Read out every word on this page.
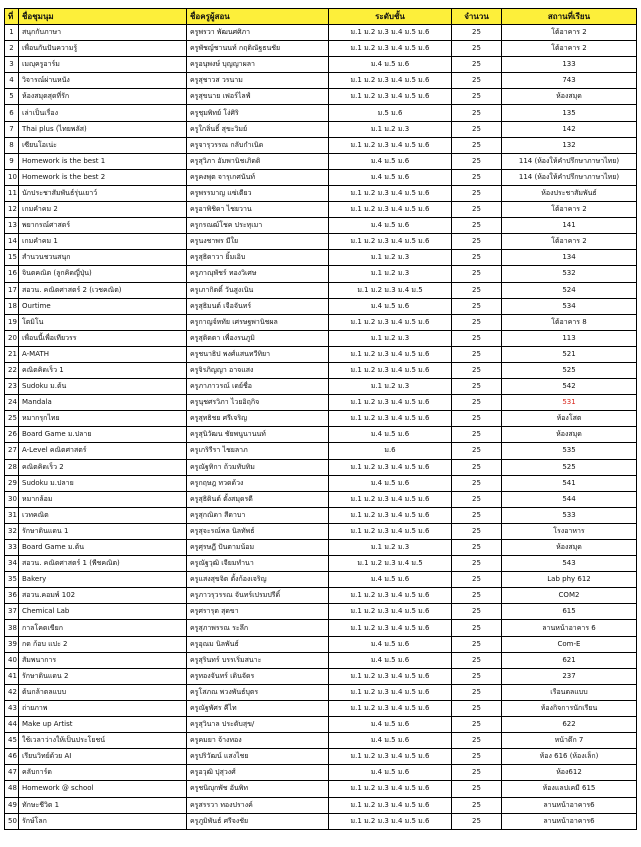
ที่	ชื่อชุมนุม	ชื่อครูผู้สอน	ระดับชั้น	จำนวน	สถานที่เรียน
1	สนุกกับภาษา	ครูพรวา พัฒนศศิภา	ม.1 ม.2 ม.3 ม.4 ม.5 ม.6	25	โต้อาคาร 2
2	เพื่อนกันปันความรู้	ครูพัชญ์ชานนท์ กฤติณัฐธนชัย	ม.1 ม.2 ม.3 ม.4 ม.5 ม.6	25	โต้อาคาร 2
3	เมญุครูอาร์ม	ครูอนุพงษ์ บุญญาผลา	ม.4 ม.5 ม.6	25	133
4	วิจารณ์ผ่านหนัง	ครูสุชาวส วรนาม	ม.1 ม.2 ม.3 ม.4 ม.5 ม.6	25	743
5	ห้องสมุดสุดที่รัก	ครูสุขนาย เฟอร์ไลฟ์	ม.1 ม.2 ม.3 ม.4 ม.5 ม.6	25	ห้องสมุด
6	เล่าเป็นเรื่อง	ครูชุมพิทย์ โง่ศิริ	ม.5 ม.6	25	135
7	Thai plus (ไทยพลัส)	ครูใกลิ่นธิ์ สุขะวิมย์	ม.1 ม.2 ม.3	25	142
8	เซียนโอเน่ะ	ครูจารุวรรณ กลับกำเนิด	ม.1 ม.2 ม.3 ม.4 ม.5 ม.6	25	132
9	Homework is the best 1	ครูสุวิภา อัมพานิชเภิดดิ	ม.4 ม.5 ม.6	25	114 (ห้องให้คำปรึกษาภาษาไทย)
10	Homework is the best 2	ครูคงพุต จารุเกศนันท์	ม.4 ม.5 ม.6	25	114 (ห้องให้คำปรึกษาภาษาไทย)
11	นักประชาสัมพันธ์รุ่นเยาว์	ครูพรรมาญ แซ่เตียว	ม.1 ม.2 ม.3 ม.4 ม.5 ม.6	25	ห้องประชาสัมพันธ์
12	เกมคำคม 2	ครูอาพิชิดา ไชยวาน	ม.1 ม.2 ม.3 ม.4 ม.5 ม.6	25	โต้อาคาร 2
13	พยากรณ์ศาสตร์	ครูกรณฒ์โชค ประทุเมา	ม.4 ม.5 ม.6	25	141
14	เกมคำคม 1	ครูนงชาพร มีใย	ม.1 ม.2 ม.3 ม.4 ม.5 ม.6	25	โต้อาคาร 2
15	สำนวนชวนสนุก	ครูสุธิดาวา ยิ้มเอิบ	ม.1 ม.2 ม.3	25	134
16	จินตคณิต (ลูกคิดญี่ปุ่น)	ครูภาณุพัชร์ ทองวิเศษ	ม.1 ม.2 ม.3	25	532
17	สอวน. คณิตศาสตร์ 2 (เวชคณิต)	ครูเภากิตติ์ วันสูงเนิน	ม.1 ม.2 ม.3 ม.4 ม.5	25	524
18	Ourtime	ครูสุธิมนต์ เจือจันทร์	ม.4 ม.5 ม.6	25	534
19	โตมิโน	ครูกาญจ์หทัย เศรษฐพานิชผล	ม.1 ม.2 ม.3 ม.4 ม.5 ม.6	25	โต้อาคาร 8
20	เพื่อนนี้เพื่อเทียวรร	ครูสุติดตา เพื่องรนภูมิ	ม.1 ม.2 ม.3	25	113
21	A-MATH	ครูชนาธิป พงศ์แสนทวีทิยา	ม.1 ม.2 ม.3 ม.4 ม.5 ม.6	25	521
22	คณิตคิดเร็ว 1	ครูจิรภิญญา อาจแสง	ม.1 ม.2 ม.3 ม.4 ม.5 ม.6	25	525
23	Sudoku ม.ต้น	ครูภาภาวรณ์ เดย์ชื่อ	ม.1 ม.2 ม.3	25	542
24	Mandala	ครูนุชศรวิภา ไวยอิฤกิจ	ม.1 ม.2 ม.3 ม.4 ม.5 ม.6	25	531
25	หมากรุกไทย	ครูสุทธิชย ศรีเจริญ	ม.1 ม.2 ม.3 ม.4 ม.5 ม.6	25	ห้องโสต
26	Board Game ม.ปลาย	ครูสุนิวัฒน ชัยพนูนานนท์	ม.4 ม.5 ม.6	25	ห้องสมุด
27	A-Level คณิตศาสตร์	ครูเกริรีรา ไชยลาภ	ม.6	25	535
28	คณิตคิดเร็ว 2	ครูณัฐทิกา ถ้วมทับทิม	ม.1 ม.2 ม.3 ม.4 ม.5 ม.6	25	525
29	Sudoku ม.ปลาย	ครูกฤษฎ ทวดด้วง	ม.4 ม.5 ม.6	25	541
30	หมากล้อม	ครูสุธิดินต์ ตั้งสมุดรดี	ม.1 ม.2 ม.3 ม.4 ม.5 ม.6	25	544
31	เวทคณิต	ครูสุกณิดา สีดาบา	ม.1 ม.2 ม.3 ม.4 ม.5 ม.6	25	533
32	รักษาดินแดน 1	ครูสุจะรณ์พล นิลทัพธ์	ม.1 ม.2 ม.3 ม.4 ม.5 ม.6	25	โรงอาหาร
33	Board Game ม.ต้น	ครูศุรษฎี ปันตามน้อม	ม.1 ม.2 ม.3	25	ห้องสมุด
34	สอวน. คณิตศาสตร์ 1 (พีชคณิต)	ครูณัฐวุฒิ เจียมทำนา	ม.1 ม.2 ม.3 ม.4 ม.5	25	543
35	Bakery	ครูแสงสุขจิต ตั้งก้องเจริญ	ม.4 ม.5 ม.6	25	Lab phy 612
36	สอวน.คอมพ์ 102	ครูภาวรุวรรณ จันทร์เปรมปรีดิ์	ม.1 ม.2 ม.3 ม.4 ม.5 ม.6	25	COM2
37	Chemical Lab	ครูศรารุต สุดขา	ม.1 ม.2 ม.3 ม.4 ม.5 ม.6	25	615
38	กาลโคตเขียก	ครูสุภาพรรณ ระลึก	ม.1 ม.2 ม.3 ม.4 ม.5 ม.6	25	ลานหน้าอาคาร 6
39	กด ก้อบ แปะ 2	ครูอุณม นิลพันธ์	ม.4 ม.5 ม.6	25	Com-E
40	สัมพนาการ	ครูสุรินทร์ บรรเริ่มสนาะ	ม.4 ม.5 ม.6	25	621
41	รักษาดินแดน 2	ครูทองจันทร์ เดินจัดร	ม.1 ม.2 ม.3 ม.4 ม.5 ม.6	25	237
42	ต้นกล้าตลแบบ	ครูโสภณ พวงพันธ์บุตร	ม.1 ม.2 ม.3 ม.4 ม.5 ม.6	25	เรือนตลแบบ
43	ถ่ายภาพ	ครูณัฐพัศร คีไท	ม.1 ม.2 ม.3 ม.4 ม.5 ม.6	25	ห้องกิจการนักเรียน
44	Make up Artist	ครูสุวินาล ประดับสุข/	ม.4 ม.5 ม.6	25	622
45	ใช้เวลาว่างให้เป็นประโยชน์	ครูคมยา จ้างทอง	ม.4 ม.5 ม.6	25	หน้าตึก 7
46	เรียนวิทย์ด้วย AI	ครูปริวัฒน์ แสงไชย	ม.1 ม.2 ม.3 ม.4 ม.5 ม.6	25	ห้อง 616 (ห้องเล็ก)
47	คลับการ์ด	ครูอวุฒิ ปุสุวงศ์	ม.4 ม.5 ม.6	25	ห้อง612
48	Homework @ school	ครูชนิญุกพัช อันพิท	ม.1 ม.2 ม.3 ม.4 ม.5 ม.6	25	ห้องแลปเคมี 615
49	ทักษะชีวิต 1	ครูสรรวา ทองปรางค์	ม.1 ม.2 ม.3 ม.4 ม.5 ม.6	25	ลานหน้าอาคาร6
50	รักษ์โลก	ครูภูมิพันธ์ ศรีจงชัย	ม.1 ม.2 ม.3 ม.4 ม.5 ม.6	25	ลานหน้าอาคาร6
